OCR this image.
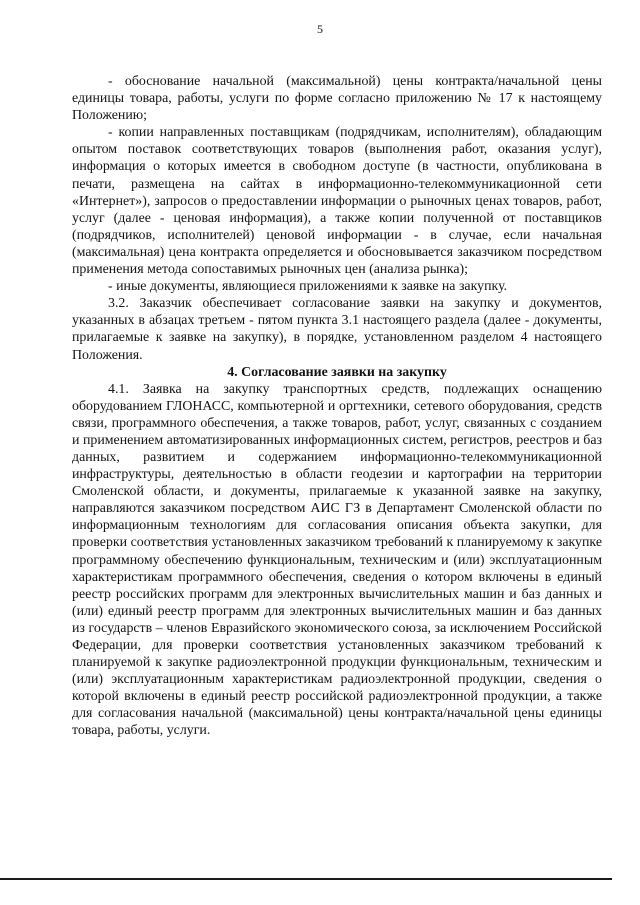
5

- обоснование начальной (максимальной) цены контракта/начальной цены единицы товара, работы, услуги по форме согласно приложению № 17 к настоящему Положению;

- копии направленных поставщикам (подрядчикам, исполнителям), обладающим опытом поставок соответствующих товаров (выполнения работ, оказания услуг), информация о которых имеется в свободном доступе (в частности, опубликована в печати, размещена на сайтах в информационно-телекоммуникационной сети «Интернет»), запросов о предоставлении информации о рыночных ценах товаров, работ, услуг (далее - ценовая информация), а также копии полученной от поставщиков (подрядчиков, исполнителей) ценовой информации - в случае, если начальная (максимальная) цена контракта определяется и обосновывается заказчиком посредством применения метода сопоставимых рыночных цен (анализа рынка);

- иные документы, являющиеся приложениями к заявке на закупку.

3.2. Заказчик обеспечивает согласование заявки на закупку и документов, указанных в абзацах третьем - пятом пункта 3.1 настоящего раздела (далее - документы, прилагаемые к заявке на закупку), в порядке, установленном разделом 4 настоящего Положения.

4. Согласование заявки на закупку

4.1. Заявка на закупку транспортных средств, подлежащих оснащению оборудованием ГЛОНАСС, компьютерной и оргтехники, сетевого оборудования, средств связи, программного обеспечения, а также товаров, работ, услуг, связанных с созданием и применением автоматизированных информационных систем, регистров, реестров и баз данных, развитием и содержанием информационно-телекоммуникационной инфраструктуры, деятельностью в области геодезии и картографии на территории Смоленской области, и документы, прилагаемые к указанной заявке на закупку, направляются заказчиком посредством АИС ГЗ в Департамент Смоленской области по информационным технологиям для согласования описания объекта закупки, для проверки соответствия установленных заказчиком требований к планируемому к закупке программному обеспечению функциональным, техническим и (или) эксплуатационным характеристикам программного обеспечения, сведения о котором включены в единый реестр российских программ для электронных вычислительных машин и баз данных и (или) единый реестр программ для электронных вычислительных машин и баз данных из государств – членов Евразийского экономического союза, за исключением Российской Федерации, для проверки соответствия установленных заказчиком требований к планируемой к закупке радиоэлектронной продукции функциональным, техническим и (или) эксплуатационным характеристикам радиоэлектронной продукции, сведения о которой включены в единый реестр российской радиоэлектронной продукции, а также для согласования начальной (максимальной) цены контракта/начальной цены единицы товара, работы, услуги.
